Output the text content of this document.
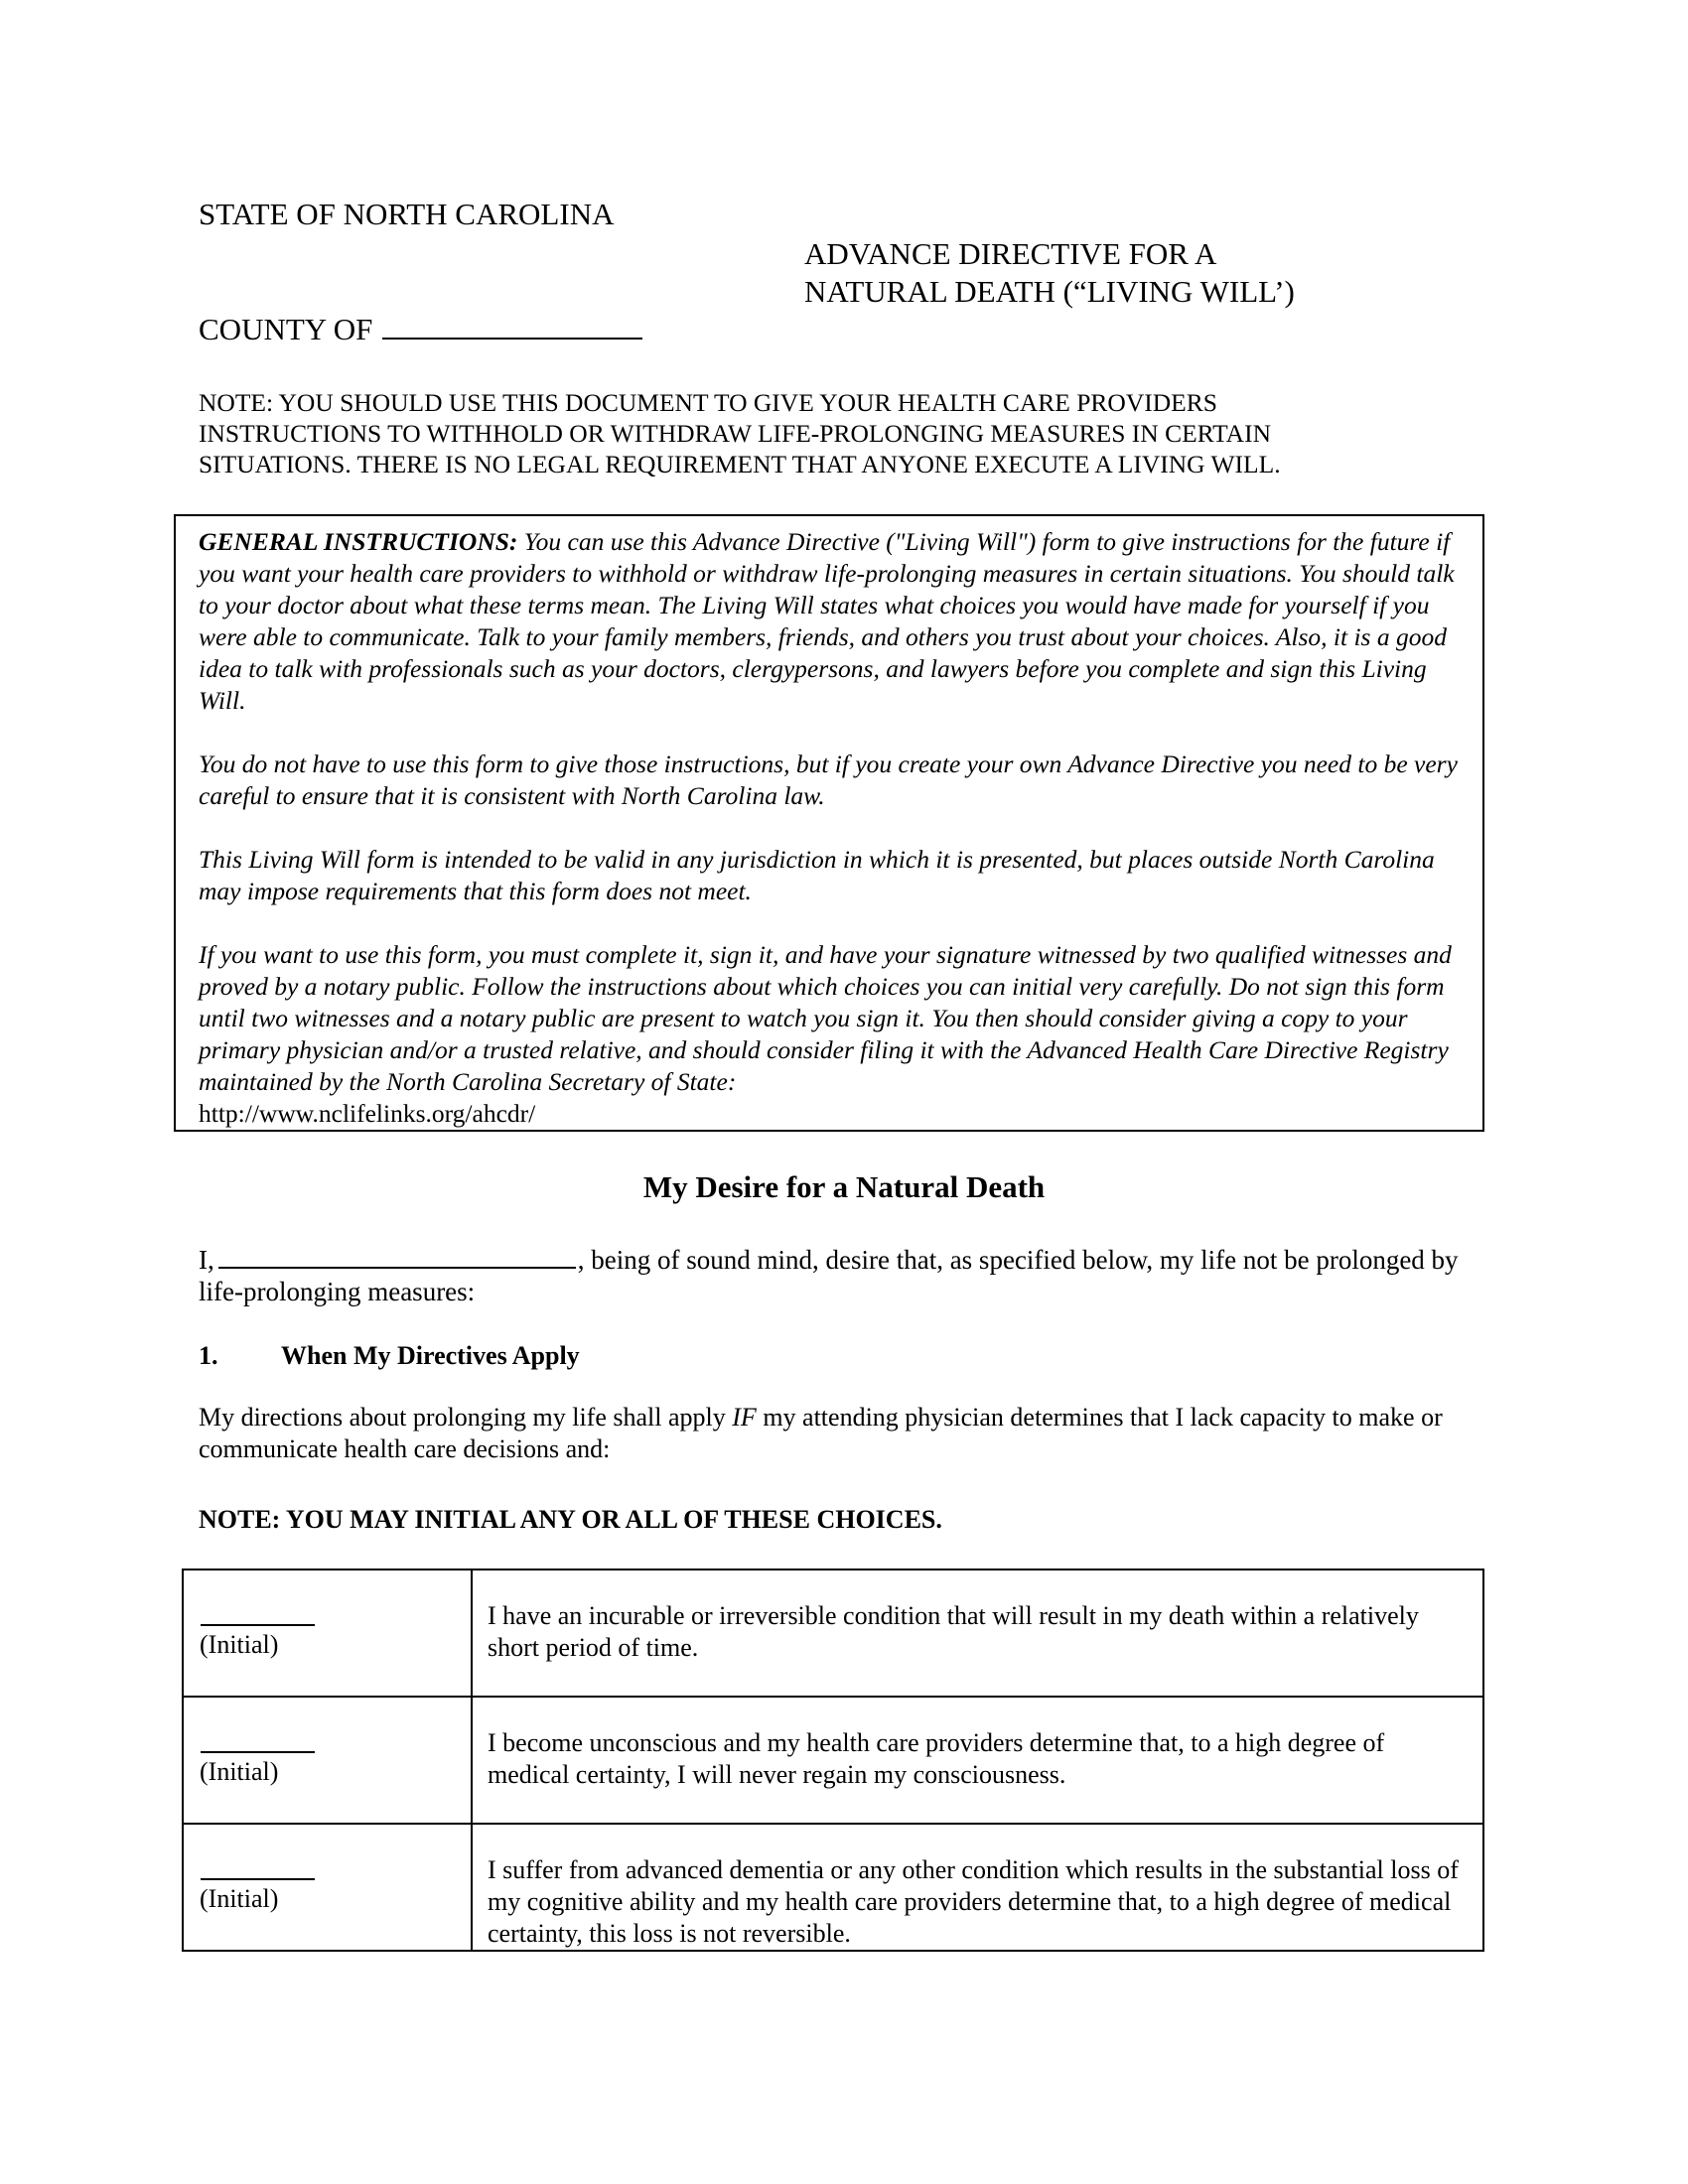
STATE OF NORTH CAROLINA
ADVANCE DIRECTIVE FOR A
NATURAL DEATH (“LIVING WILL’)
COUNTY OF
NOTE: YOU SHOULD USE THIS DOCUMENT TO GIVE YOUR HEALTH CARE PROVIDERS
INSTRUCTIONS TO WITHHOLD OR WITHDRAW LIFE-PROLONGING MEASURES IN CERTAIN
SITUATIONS. THERE IS NO LEGAL REQUIREMENT THAT ANYONE EXECUTE A LIVING WILL.

GENERAL INSTRUCTIONS: You can use this Advance Directive ("Living Will") form to give instructions for the future if you want your health care providers to withhold or withdraw life-prolonging measures in certain situations. You should talk to your doctor about what these terms mean. The Living Will states what choices you would have made for yourself if you were able to communicate. Talk to your family members, friends, and others you trust about your choices. Also, it is a good idea to talk with professionals such as your doctors, clergypersons, and lawyers before you complete and sign this Living Will.

You do not have to use this form to give those instructions, but if you create your own Advance Directive you need to be very careful to ensure that it is consistent with North Carolina law.

This Living Will form is intended to be valid in any jurisdiction in which it is presented, but places outside North Carolina may impose requirements that this form does not meet.

If you want to use this form, you must complete it, sign it, and have your signature witnessed by two qualified witnesses and proved by a notary public. Follow the instructions about which choices you can initial very carefully. Do not sign this form until two witnesses and a notary public are present to watch you sign it. You then should consider giving a copy to your primary physician and/or a trusted relative, and should consider filing it with the Advanced Health Care Directive Registry maintained by the North Carolina Secretary of State:
http://www.nclifelinks.org/ahcdr/

My Desire for a Natural Death
I,	, being of sound mind, desire that, as specified below, my life not be prolonged by life-prolonging measures:
1. When My Directives Apply
My directions about prolonging my life shall apply IF my attending physician determines that I lack capacity to make or communicate health care decisions and:
NOTE: YOU MAY INITIAL ANY OR ALL OF THESE CHOICES.
(Initial)	I have an incurable or irreversible condition that will result in my death within a relatively short period of time.

(Initial)	I become unconscious and my health care providers determine that, to a high degree of medical certainty, I will never regain my consciousness.

(Initial)	I suffer from advanced dementia or any other condition which results in the substantial loss of my cognitive ability and my health care providers determine that, to a high degree of medical certainty, this loss is not reversible.
